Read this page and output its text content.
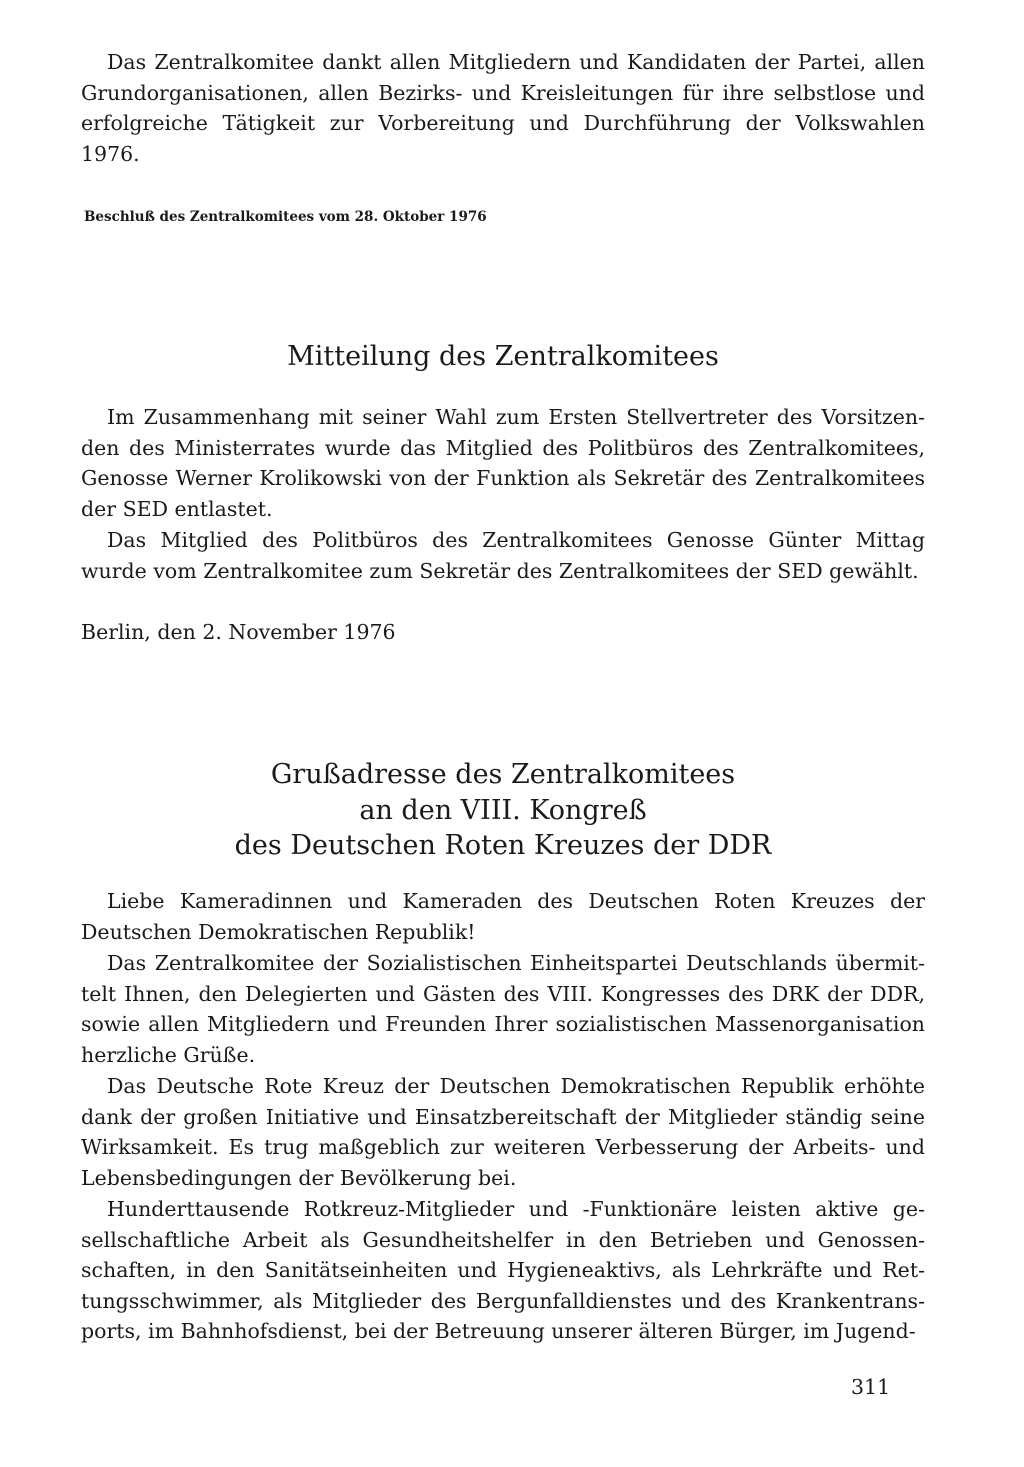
Das Zentralkomitee dankt allen Mitgliedern und Kandidaten der Partei, allen Grundorganisationen, allen Bezirks- und Kreisleitungen für ihre selbstlose und erfolgreiche Tätigkeit zur Vorbereitung und Durchführung der Volkswahlen 1976.

Beschluß des Zentralkomitees vom 28. Oktober 1976

Mitteilung des Zentralkomitees

Im Zusammenhang mit seiner Wahl zum Ersten Stellvertreter des Vorsitzenden des Ministerrates wurde das Mitglied des Politbüros des Zentralkomitees, Genosse Werner Krolikowski von der Funktion als Sekretär des Zentralkomitees der SED entlastet.

Das Mitglied des Politbüros des Zentralkomitees Genosse Günter Mittag wurde vom Zentralkomitee zum Sekretär des Zentralkomitees der SED gewählt.

Berlin, den 2. November 1976

Grußadresse des Zentralkomitees
an den VIII. Kongreß
des Deutschen Roten Kreuzes der DDR

Liebe Kameradinnen und Kameraden des Deutschen Roten Kreuzes der Deutschen Demokratischen Republik!

Das Zentralkomitee der Sozialistischen Einheitspartei Deutschlands übermittelt Ihnen, den Delegierten und Gästen des VIII. Kongresses des DRK der DDR, sowie allen Mitgliedern und Freunden Ihrer sozialistischen Massenorganisation herzliche Grüße.

Das Deutsche Rote Kreuz der Deutschen Demokratischen Republik erhöhte dank der großen Initiative und Einsatzbereitschaft der Mitglieder ständig seine Wirksamkeit. Es trug maßgeblich zur weiteren Verbesserung der Arbeits- und Lebensbedingungen der Bevölkerung bei.

Hunderttausende Rotkreuz-Mitglieder und -Funktionäre leisten aktive gesellschaftliche Arbeit als Gesundheitshelfer in den Betrieben und Genossenschaften, in den Sanitätseinheiten und Hygieneaktivs, als Lehrkräfte und Rettungsschwimmer, als Mitglieder des Bergunfalldienstes und des Krankentransports, im Bahnhofsdienst, bei der Betreuung unserer älteren Bürger, im Jugend-

311
